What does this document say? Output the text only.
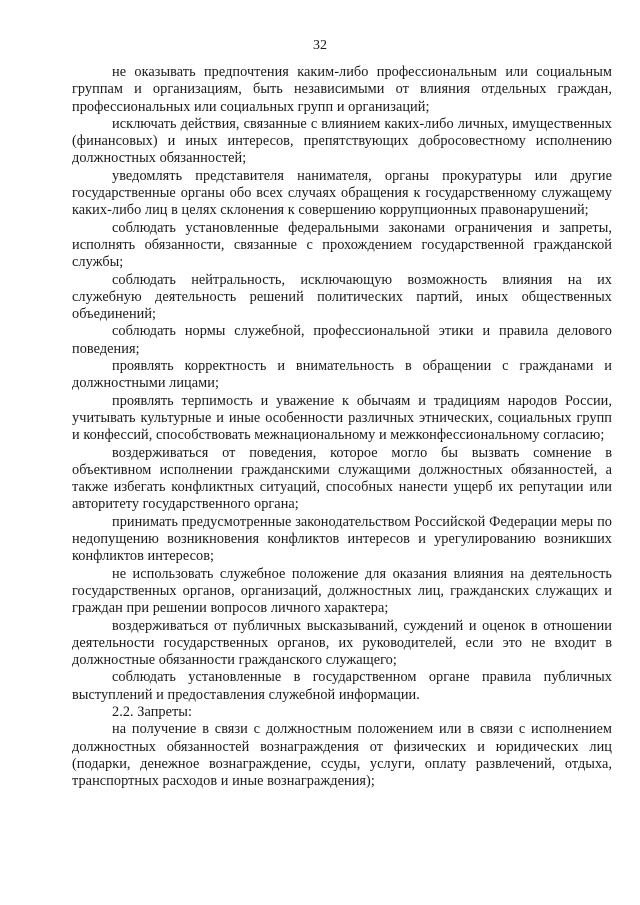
32

не оказывать предпочтения каким-либо профессиональным или социальным группам и организациям, быть независимыми от влияния отдельных граждан, профессиональных или социальных групп и организаций;

исключать действия, связанные с влиянием каких-либо личных, имущественных (финансовых) и иных интересов, препятствующих добросовестному исполнению должностных обязанностей;

уведомлять представителя нанимателя, органы прокуратуры или другие государственные органы обо всех случаях обращения к государственному служащему каких-либо лиц в целях склонения к совершению коррупционных правонарушений;

соблюдать установленные федеральными законами ограничения и запреты, исполнять обязанности, связанные с прохождением государственной гражданской службы;

соблюдать нейтральность, исключающую возможность влияния на их служебную деятельность решений политических партий, иных общественных объединений;

соблюдать нормы служебной, профессиональной этики и правила делового поведения;

проявлять корректность и внимательность в обращении с гражданами и должностными лицами;

проявлять терпимость и уважение к обычаям и традициям народов России, учитывать культурные и иные особенности различных этнических, социальных групп и конфессий, способствовать межнациональному и межконфессиональному согласию;

воздерживаться от поведения, которое могло бы вызвать сомнение в объективном исполнении гражданскими служащими должностных обязанностей, а также избегать конфликтных ситуаций, способных нанести ущерб их репутации или авторитету государственного органа;

принимать предусмотренные законодательством Российской Федерации меры по недопущению возникновения конфликтов интересов и урегулированию возникших конфликтов интересов;

не использовать служебное положение для оказания влияния на деятельность государственных органов, организаций, должностных лиц, гражданских служащих и граждан при решении вопросов личного характера;

воздерживаться от публичных высказываний, суждений и оценок в отношении деятельности государственных органов, их руководителей, если это не входит в должностные обязанности гражданского служащего;

соблюдать установленные в государственном органе правила публичных выступлений и предоставления служебной информации.

2.2. Запреты:

на получение в связи с должностным положением или в связи с исполнением должностных обязанностей вознаграждения от физических и юридических лиц (подарки, денежное вознаграждение, ссуды, услуги, оплату развлечений, отдыха, транспортных расходов и иные вознаграждения);
